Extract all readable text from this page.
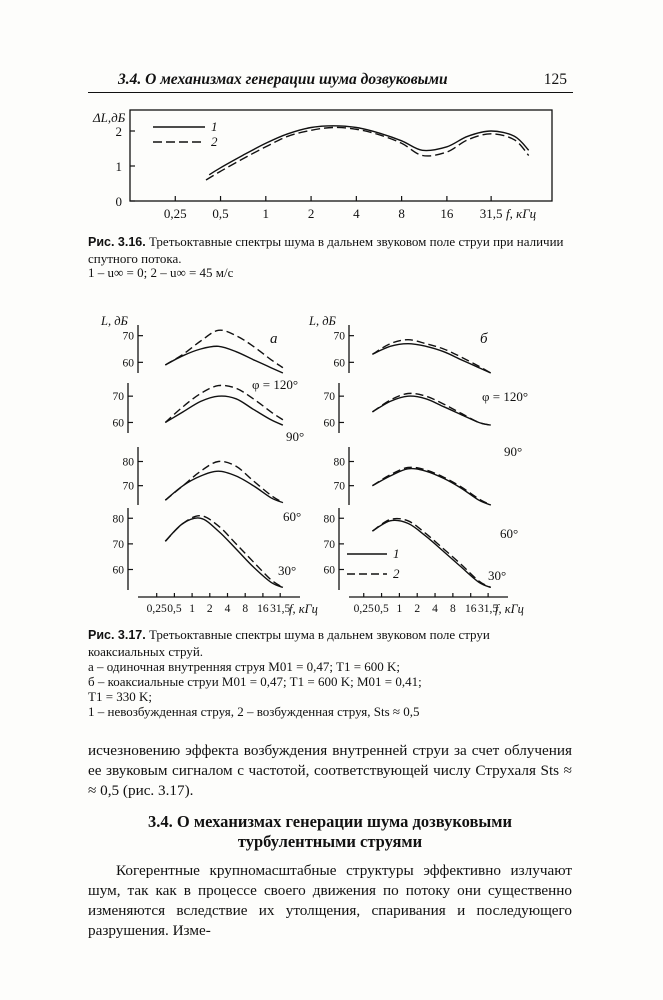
3.4. О механизмах генерации шума дозвуковыми	125
0
1
2
0,25 0,5	1	2	4	8	16 31,5
ΔL,дБ
f, кГц
1
2
Рис. 3.16. Третьоктавные спектры шума в дальнем звуковом поле струи при наличии спутного потока.
1 – u∞ = 0; 2 – u∞ = 45 м/с
0,25 0,5 1 2 4 8 16 31,5
f, кГц
L, дБ
а
60
70
φ = 120°
60
70
90°
70
80
60°
60
70
80
30°
0,25 0,5 1 2 4 8 16 31,5
f, кГц
L, дБ
б
60
70
φ = 120°
60
70
90°
70
80
60°
60
70
80
30°
1
2
Рис. 3.17. Третьоктавные спектры шума в дальнем звуковом поле струи коаксиальных струй.
а – одиночная внутренняя струя M01 = 0,47; T1 = 600 K;
б – коаксиальные струи M01 = 0,47; T1 = 600 K; M01 = 0,41;
T1 = 330 K;
1 – невозбужденная струя, 2 – возбужденная струя, Sts ≈ 0,5
исчезновению эффекта возбуждения внутренней струи за счет облучения ее звуковым сигналом с частотой, соответствующей числу Струхаля Sts ≈ ≈ 0,5 (рис. 3.17).
3.4. О механизмах генерации шума дозвуковыми турбулентными струями
Когерентные крупномасштабные структуры эффективно излучают шум, так как в процессе своего движения по потоку они существенно изменяются вследствие их утолщения, спаривания и последующего разрушения. Изме-
